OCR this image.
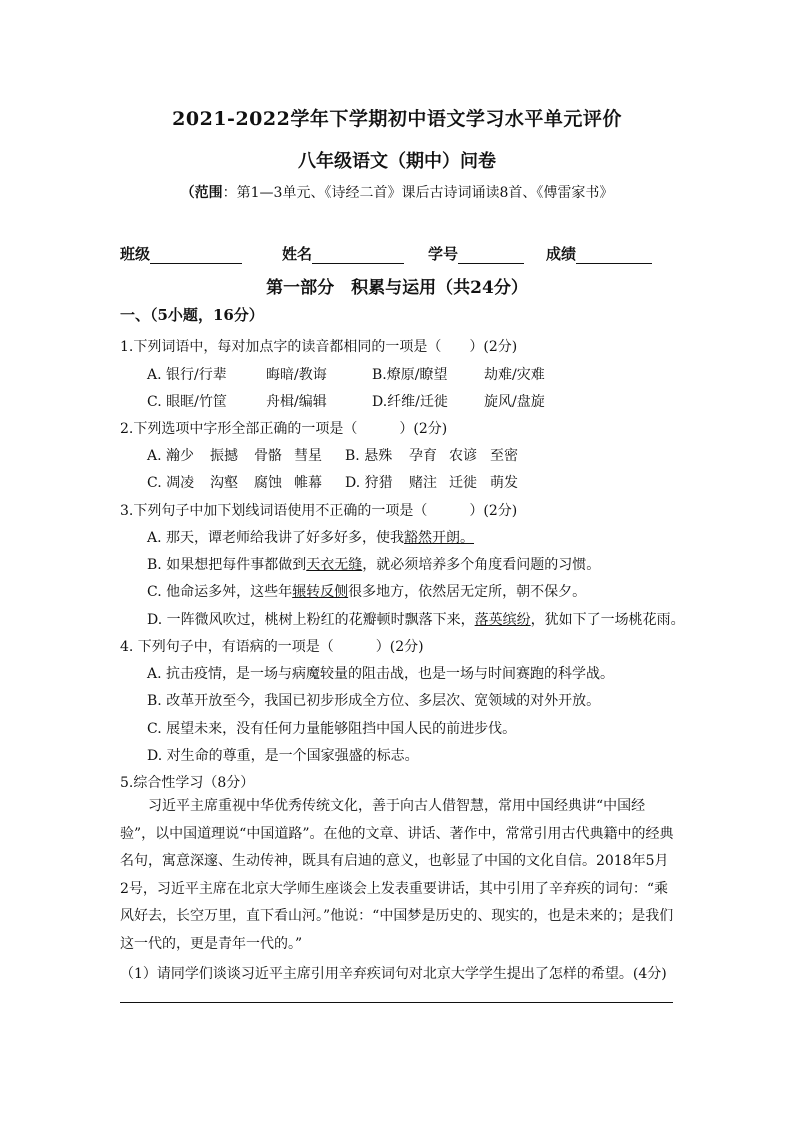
2021-2022学年下学期初中语文学习水平单元评价
八年级语文（期中）问卷
（范围：第1—3单元、《诗经二首》课后古诗词诵读8首、《傅雷家书》
班级	姓名	学号	成绩
第一部分　积累与运用（共24分）
一、（5小题，16分）
1.下列词语中，每对加点字的读音都相同的一项是（　　）(2分)
A. 银行/行辈	晦暗/教诲	B.燎原/瞭望	劫难/灾难
C. 眼眶/竹筐	舟楫/编辑	D.纤维/迁徙	旋风/盘旋
2.下列选项中字形全部正确的一项是（　　　）(2分)
A. 瀚少 振撼 骨骼 彗星 B. 悬殊 孕育 农谚 至密
C. 凋凌 沟壑 腐蚀 帷幕 D. 狩猎 赌注 迁徙 萌发
3.下列句子中加下划线词语使用不正确的一项是（　　　）(2分)
A. 那天，谭老师给我讲了好多好多，使我豁然开朗。
B. 如果想把每件事都做到天衣无缝，就必须培养多个角度看问题的习惯。
C. 他命运多舛，这些年辗转反侧很多地方，依然居无定所，朝不保夕。
D. 一阵微风吹过，桃树上粉红的花瓣顿时飘落下来，落英缤纷，犹如下了一场桃花雨。
4. 下列句子中，有语病的一项是（　　　）(2分)
A. 抗击疫情，是一场与病魔较量的阻击战，也是一场与时间赛跑的科学战。
B. 改革开放至今，我国已初步形成全方位、多层次、宽领域的对外开放。
C. 展望未来，没有任何力量能够阻挡中国人民的前进步伐。
D. 对生命的尊重，是一个国家强盛的标志。
5.综合性学习（8分）
习近平主席重视中华优秀传统文化，善于向古人借智慧，常用中国经典讲“中国经验”，以中国道理说“中国道路”。在他的文章、讲话、著作中，常常引用古代典籍中的经典名句，寓意深邃、生动传神，既具有启迪的意义，也彰显了中国的文化自信。2018年5月2号，习近平主席在北京大学师生座谈会上发表重要讲话，其中引用了辛弃疾的词句：“乘风好去，长空万里，直下看山河。”他说：“中国梦是历史的、现实的，也是未来的；是我们这一代的，更是青年一代的。”
（1）请同学们谈谈习近平主席引用辛弃疾词句对北京大学学生提出了怎样的希望。(4分)
